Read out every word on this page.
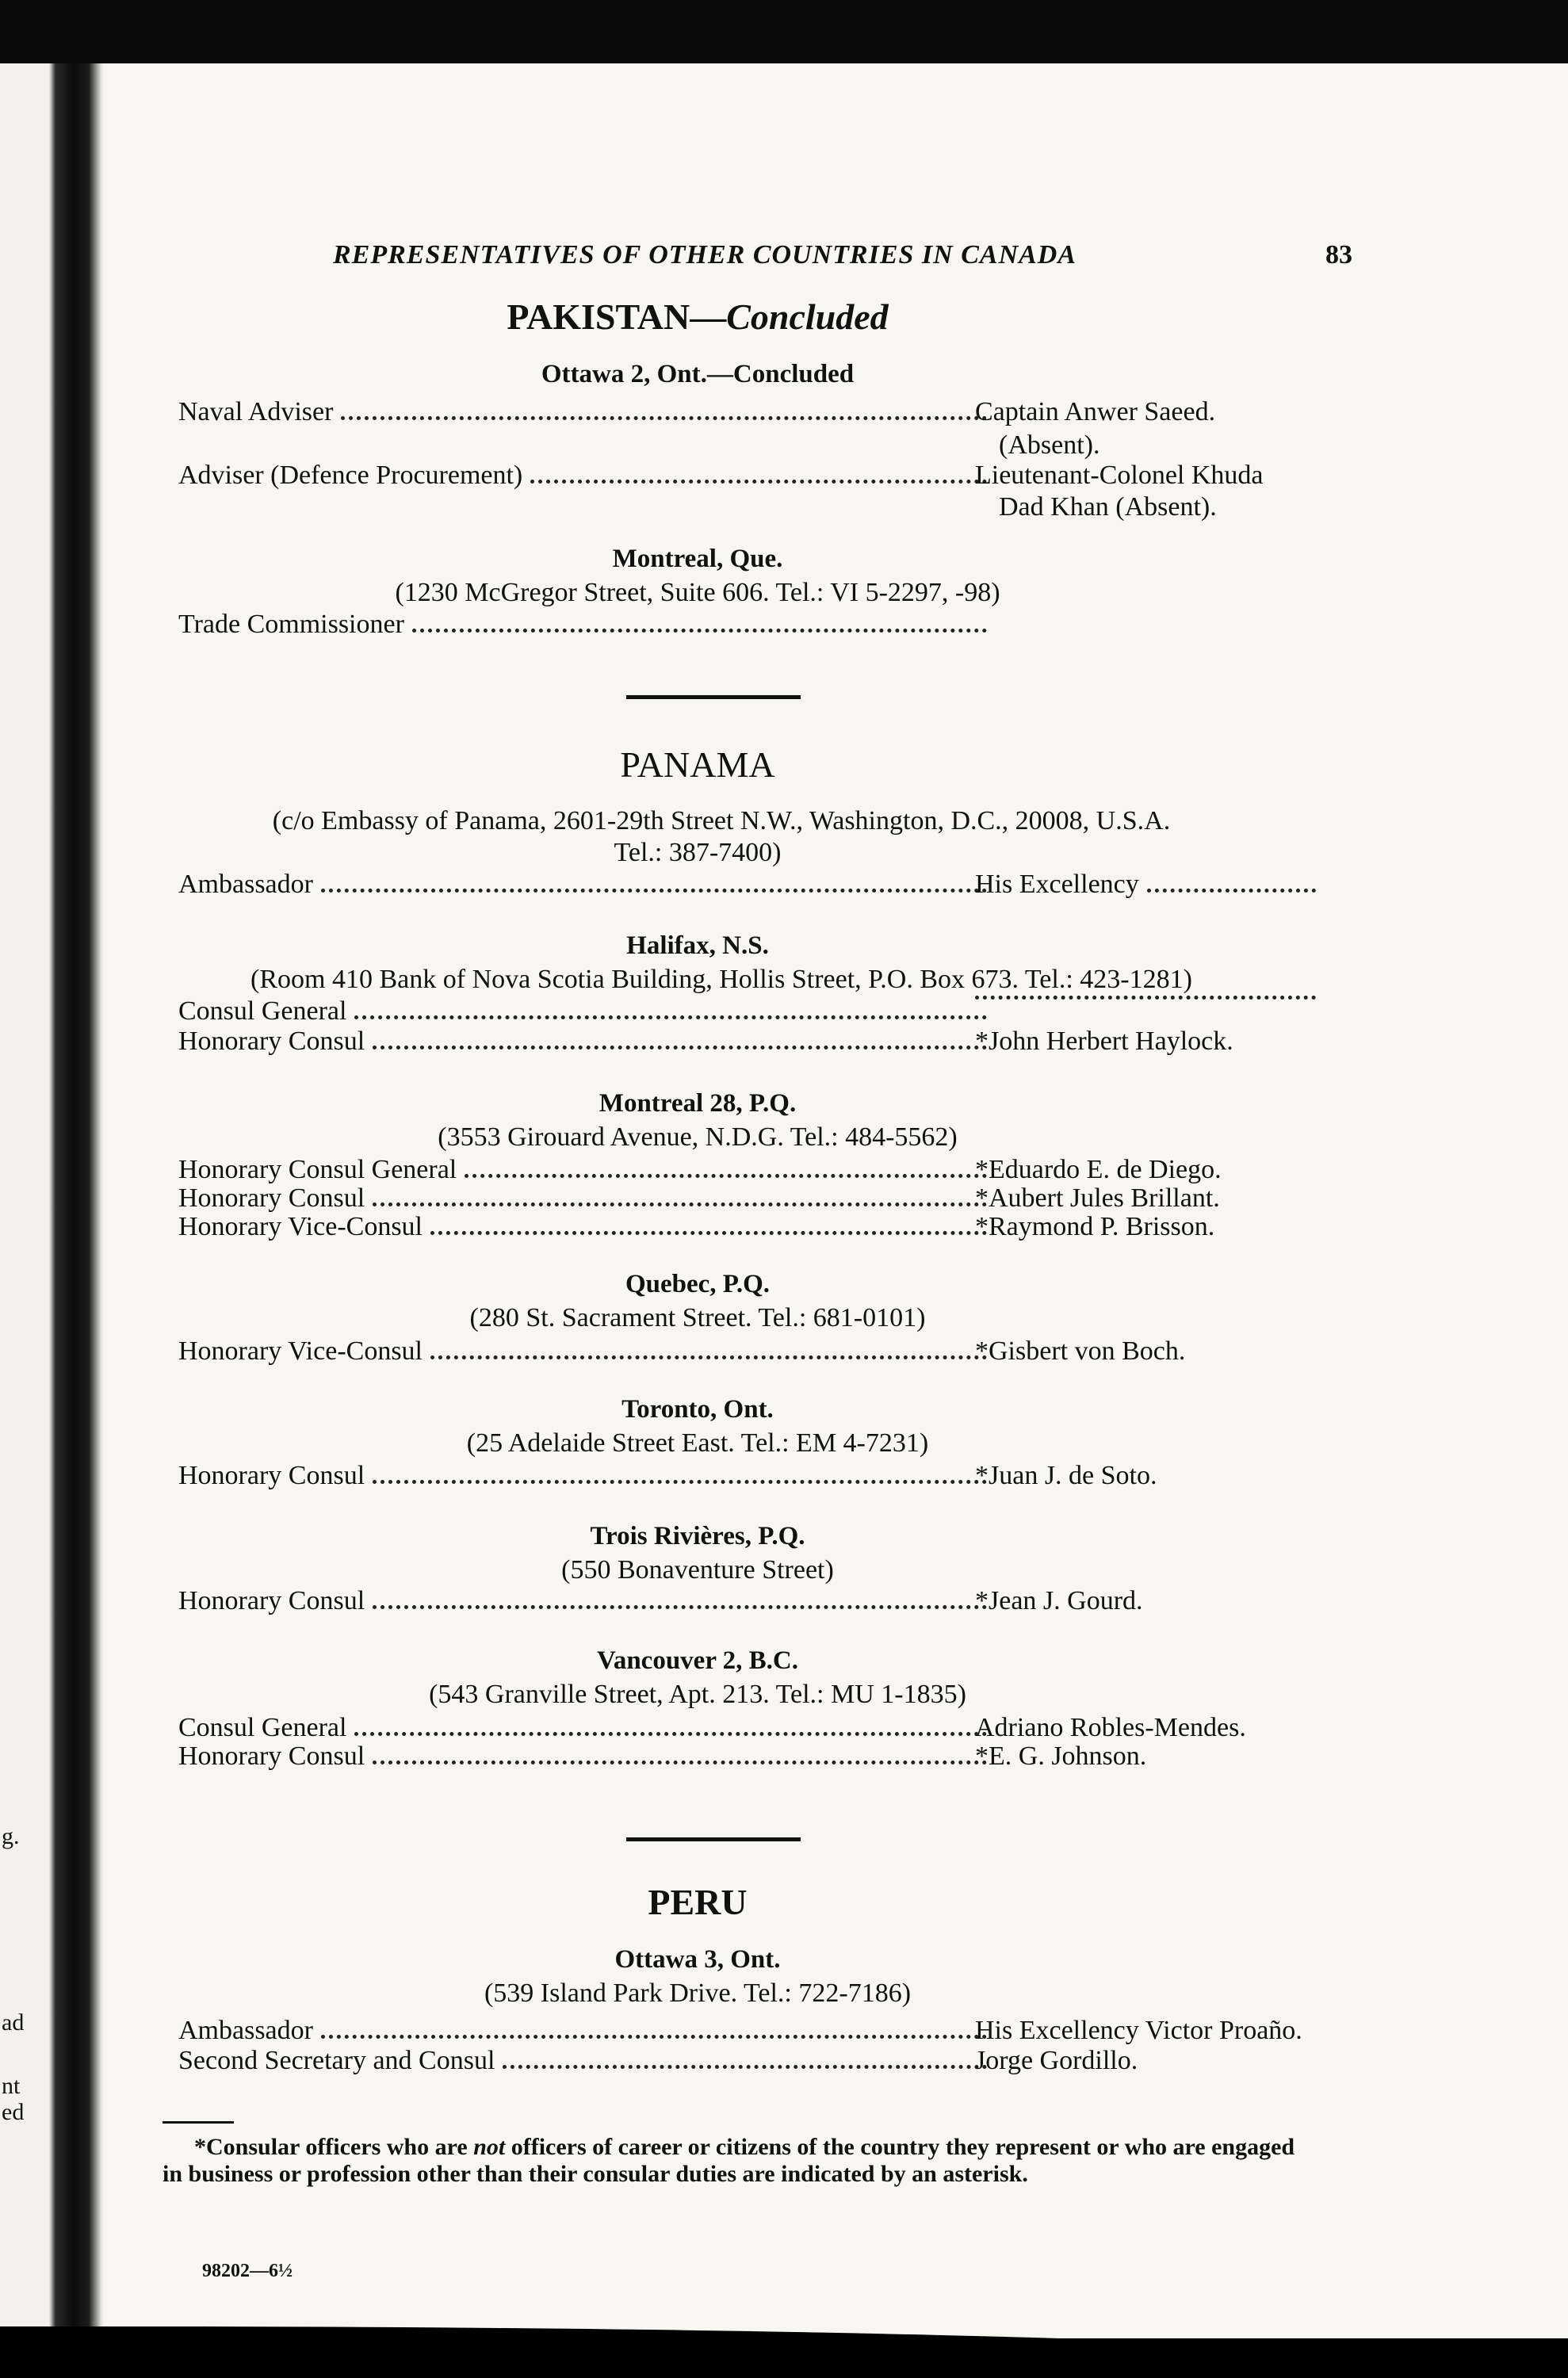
g.
ad
nt
ed
REPRESENTATIVES OF OTHER COUNTRIES IN CANADA	83
PAKISTAN—Concluded
Ottawa 2, Ont.—Concluded
Naval Adviser	Captain Anwer Saeed.
(Absent).
Adviser (Defence Procurement)	Lieutenant-Colonel Khuda
Dad Khan (Absent).
Montreal, Que.
(1230 McGregor Street, Suite 606. Tel.: VI 5-2297, -98)
Trade Commissioner
PANAMA
(c/o Embassy of Panama, 2601-29th Street N.W., Washington, D.C., 20008, U.S.A.
Tel.: 387-7400)
Ambassador	His Excellency
Halifax, N.S.
(Room 410 Bank of Nova Scotia Building, Hollis Street, P.O. Box 673. Tel.: 423-1281)
Consul General
Honorary Consul	*John Herbert Haylock.
Montreal 28, P.Q.
(3553 Girouard Avenue, N.D.G. Tel.: 484-5562)
Honorary Consul General	*Eduardo E. de Diego.
Honorary Consul	*Aubert Jules Brillant.
Honorary Vice-Consul	*Raymond P. Brisson.
Quebec, P.Q.
(280 St. Sacrament Street. Tel.: 681-0101)
Honorary Vice-Consul	*Gisbert von Boch.
Toronto, Ont.
(25 Adelaide Street East. Tel.: EM 4-7231)
Honorary Consul	*Juan J. de Soto.
Trois Rivières, P.Q.
(550 Bonaventure Street)
Honorary Consul	*Jean J. Gourd.
Vancouver 2, B.C.
(543 Granville Street, Apt. 213. Tel.: MU 1-1835)
Consul General	Adriano Robles-Mendes.
Honorary Consul	*E. G. Johnson.
PERU
Ottawa 3, Ont.
(539 Island Park Drive. Tel.: 722-7186)
Ambassador	His Excellency Victor Proaño.
Second Secretary and Consul	Jorge Gordillo.
*Consular officers who are not officers of career or citizens of the country they represent or who are engaged in business or profession other than their consular duties are indicated by an asterisk.
98202—6½
